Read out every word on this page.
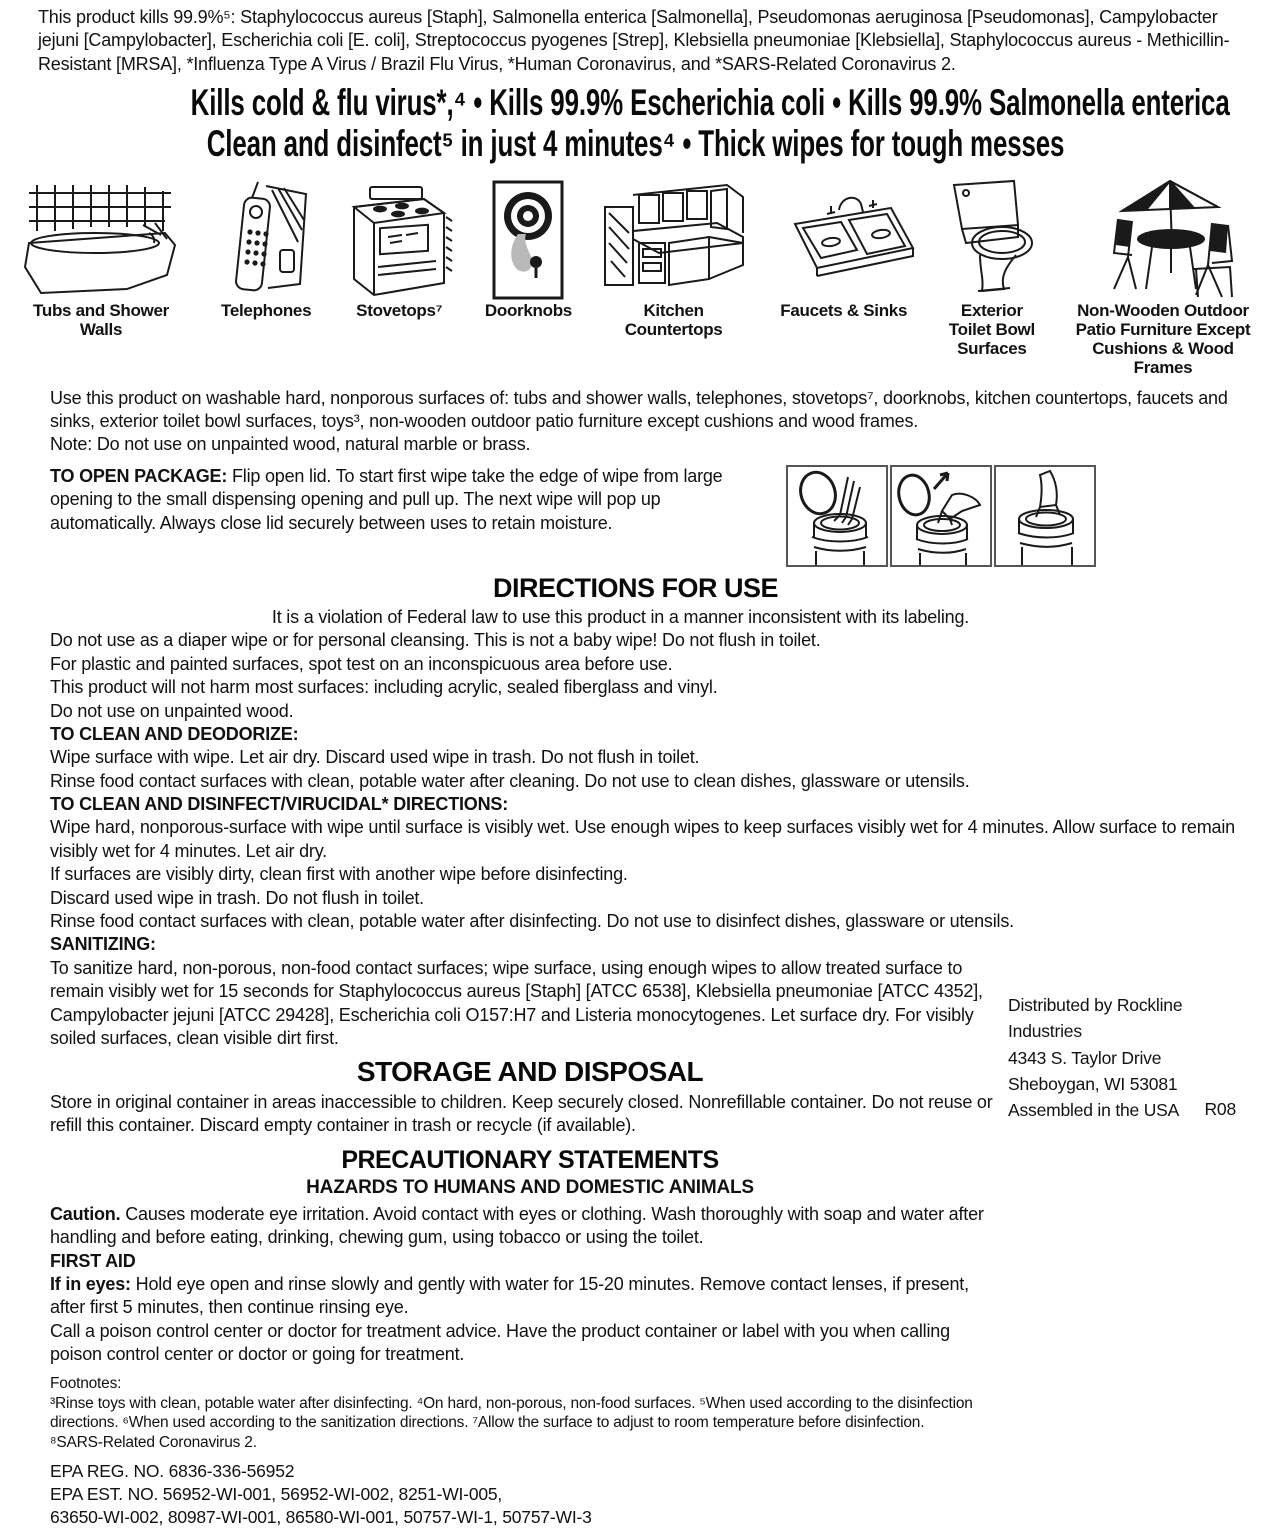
This product kills 99.9%⁵: Staphylococcus aureus [Staph], Salmonella enterica [Salmonella], Pseudomonas aeruginosa [Pseudomonas], Campylobacter jejuni [Campylobacter], Escherichia coli [E. coli], Streptococcus pyogenes [Strep], Klebsiella pneumoniae [Klebsiella], Staphylococcus aureus - Methicillin-Resistant [MRSA], *Influenza Type A Virus / Brazil Flu Virus, *Human Coronavirus, and *SARS-Related Coronavirus 2.
Kills cold & flu virus*,⁴ • Kills 99.9% Escherichia coli • Kills 99.9% Salmonella enterica
Clean and disinfect⁵ in just 4 minutes⁴ • Thick wipes for tough messes
Tubs and Shower Walls
Telephones	Stovetops⁷	Doorknobs	Kitchen Countertops
Faucets & Sinks	Exterior Toilet Bowl Surfaces
Non-Wooden Outdoor Patio Furniture Except Cushions & Wood Frames
Use this product on washable hard, nonporous surfaces of: tubs and shower walls, telephones, stovetops⁷, doorknobs, kitchen countertops, faucets and sinks, exterior toilet bowl surfaces, toys³, non-wooden outdoor patio furniture except cushions and wood frames.
Note: Do not use on unpainted wood, natural marble or brass.
TO OPEN PACKAGE: Flip open lid. To start first wipe take the edge of wipe from large opening to the small dispensing opening and pull up. The next wipe will pop up automatically. Always close lid securely between uses to retain moisture.
DIRECTIONS FOR USE
It is a violation of Federal law to use this product in a manner inconsistent with its labeling.
Do not use as a diaper wipe or for personal cleansing. This is not a baby wipe! Do not flush in toilet.
For plastic and painted surfaces, spot test on an inconspicuous area before use.
This product will not harm most surfaces: including acrylic, sealed fiberglass and vinyl.
Do not use on unpainted wood.
TO CLEAN AND DEODORIZE:
Wipe surface with wipe. Let air dry. Discard used wipe in trash. Do not flush in toilet.
Rinse food contact surfaces with clean, potable water after cleaning. Do not use to clean dishes, glassware or utensils.
TO CLEAN AND DISINFECT/VIRUCIDAL* DIRECTIONS:
Wipe hard, nonporous-surface with wipe until surface is visibly wet. Use enough wipes to keep surfaces visibly wet for 4 minutes. Allow surface to remain visibly wet for 4 minutes. Let air dry.
If surfaces are visibly dirty, clean first with another wipe before disinfecting.
Discard used wipe in trash. Do not flush in toilet.
Rinse food contact surfaces with clean, potable water after disinfecting. Do not use to disinfect dishes, glassware or utensils.
SANITIZING:
To sanitize hard, non-porous, non-food contact surfaces; wipe surface, using enough wipes to allow treated surface to remain visibly wet for 15 seconds for Staphylococcus aureus [Staph] [ATCC 6538], Klebsiella pneumoniae [ATCC 4352], Campylobacter jejuni [ATCC 29428], Escherichia coli O157:H7 and Listeria monocytogenes. Let surface dry. For visibly soiled surfaces, clean visible dirt first.
STORAGE AND DISPOSAL
Store in original container in areas inaccessible to children. Keep securely closed. Nonrefillable container. Do not reuse or refill this container. Discard empty container in trash or recycle (if available).
PRECAUTIONARY STATEMENTS
HAZARDS TO HUMANS AND DOMESTIC ANIMALS
Caution. Causes moderate eye irritation. Avoid contact with eyes or clothing. Wash thoroughly with soap and water after handling and before eating, drinking, chewing gum, using tobacco or using the toilet.
FIRST AID
If in eyes: Hold eye open and rinse slowly and gently with water for 15-20 minutes. Remove contact lenses, if present, after first 5 minutes, then continue rinsing eye.
Call a poison control center or doctor for treatment advice. Have the product container or label with you when calling poison control center or doctor or going for treatment.
Footnotes:
³Rinse toys with clean, potable water after disinfecting. ⁴On hard, non-porous, non-food surfaces. ⁵When used according to the disinfection directions. ⁶When used according to the sanitization directions. ⁷Allow the surface to adjust to room temperature before disinfection.
⁸SARS-Related Coronavirus 2.
EPA REG. NO. 6836-336-56952
EPA EST. NO. 56952-WI-001, 56952-WI-002, 8251-WI-005,
63650-WI-002, 80987-WI-001, 86580-WI-001, 50757-WI-1, 50757-WI-3
Distributed by Rockline Industries
4343 S. Taylor Drive
Sheboygan, WI 53081
Assembled in the USA	R08
